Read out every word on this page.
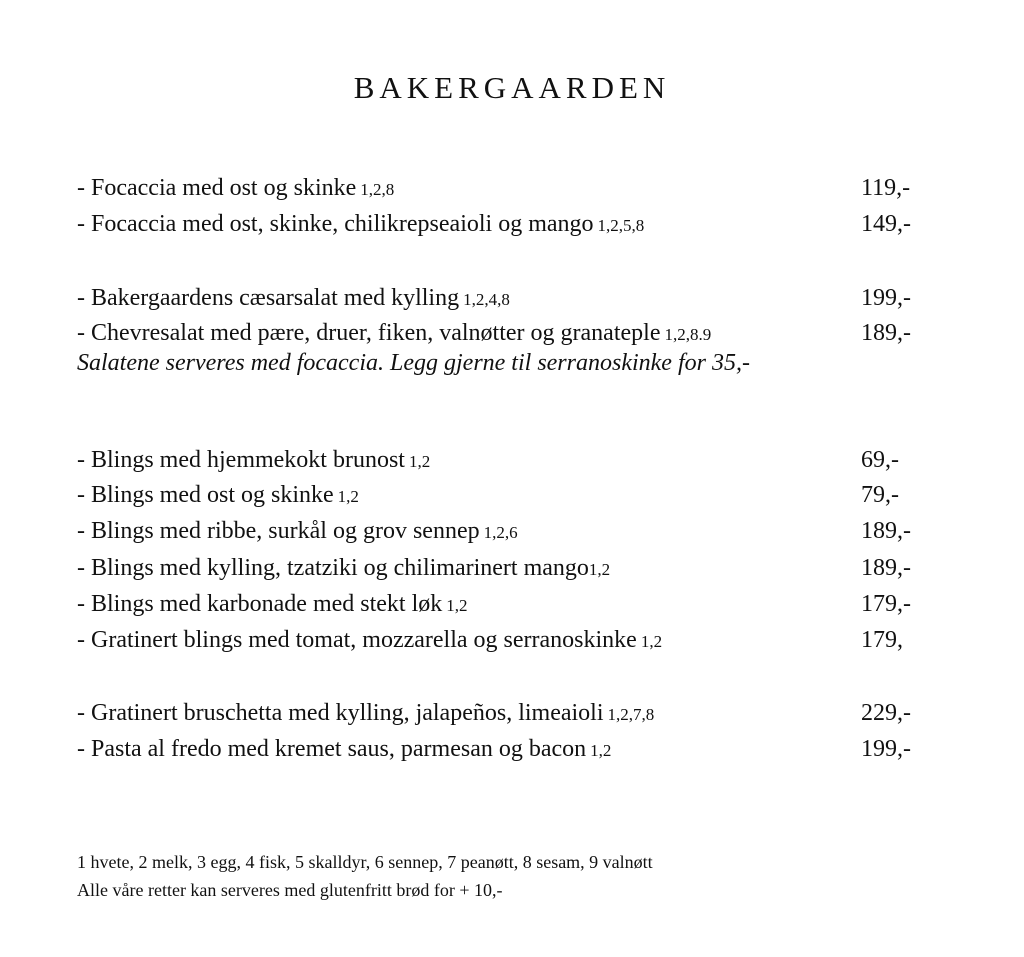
BAKERGAARDEN
- Focaccia med ost og skinke 1,2,8	119,-
- Focaccia med ost, skinke, chilikrepseaioli og mango 1,2,5,8	149,-
- Bakergaardens cæsarsalat med kylling 1,2,4,8	199,-
- Chevresalat med pære, druer, fiken, valnøtter og granateple 1,2,8.9	189,-
Salatene serveres med focaccia. Legg gjerne til serranoskinke for 35,-
- Blings med hjemmekokt brunost 1,2	69,-
- Blings med ost og skinke 1,2	79,-
- Blings med ribbe, surkål og grov sennep 1,2,6	189,-
- Blings med kylling, tzatziki og chilimarinert mango1,2	189,-
- Blings med karbonade med stekt løk 1,2	179,-
- Gratinert blings med tomat, mozzarella og serranoskinke 1,2	179,
- Gratinert bruschetta med kylling, jalapeños, limeaioli 1,2,7,8	229,-
- Pasta al fredo med kremet saus, parmesan og bacon 1,2	199,-
1 hvete, 2 melk, 3 egg, 4 fisk, 5 skalldyr, 6 sennep, 7 peanøtt, 8 sesam, 9 valnøtt
Alle våre retter kan serveres med glutenfritt brød for + 10,-
